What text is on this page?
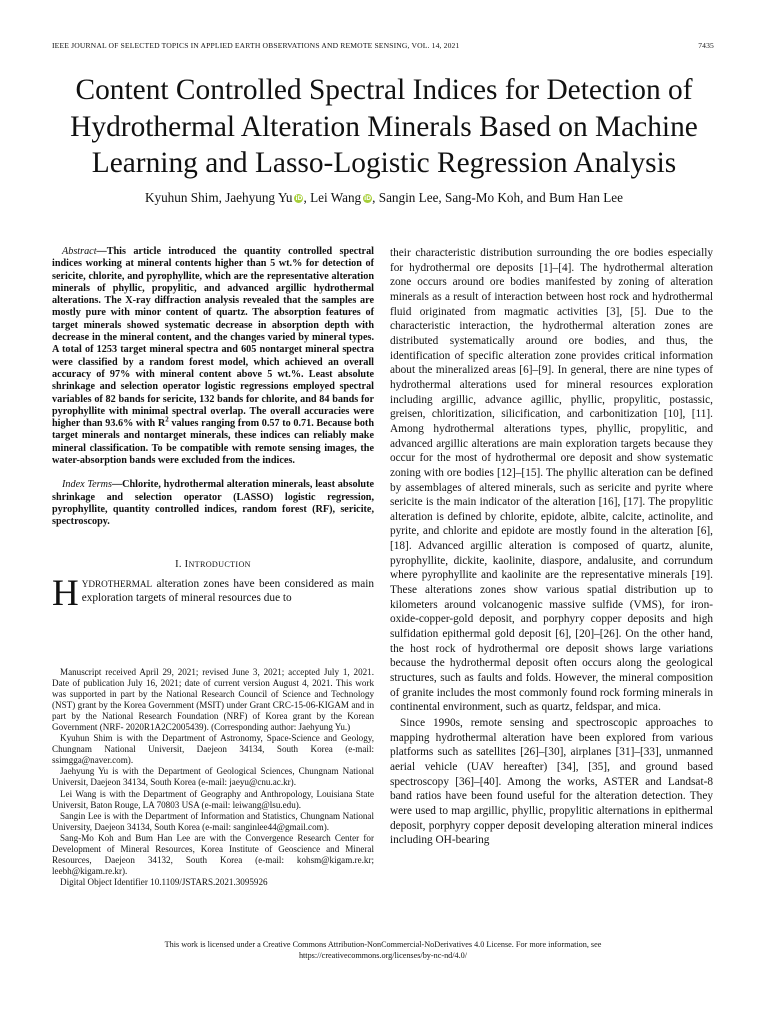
IEEE JOURNAL OF SELECTED TOPICS IN APPLIED EARTH OBSERVATIONS AND REMOTE SENSING, VOL. 14, 2021	7435
Content Controlled Spectral Indices for Detection of Hydrothermal Alteration Minerals Based on Machine Learning and Lasso-Logistic Regression Analysis
Kyuhun Shim, Jaehyung Yu iD, Lei Wang iD, Sangin Lee, Sang-Mo Koh, and Bum Han Lee

Abstract—This article introduced the quantity controlled spectral indices working at mineral contents higher than 5 wt.% for detection of sericite, chlorite, and pyrophyllite, which are the representative alteration minerals of phyllic, propylitic, and advanced argillic hydrothermal alterations. The X-ray diffraction analysis revealed that the samples are mostly pure with minor content of quartz. The absorption features of target minerals showed systematic decrease in absorption depth with decrease in the mineral content, and the changes varied by mineral types. A total of 1253 target mineral spectra and 605 nontarget mineral spectra were classified by a random forest model, which achieved an overall accuracy of 97% with mineral content above 5 wt.%. Least absolute shrinkage and selection operator logistic regressions employed spectral variables of 82 bands for sericite, 132 bands for chlorite, and 84 bands for pyrophyllite with minimal spectral overlap. The overall accuracies were higher than 93.6% with $R^2$ values ranging from 0.57 to 0.71. Because both target minerals and nontarget minerals, these indices can reliably make mineral classification. To be compatible with remote sensing images, the water-absorption bands were excluded from the indices.

Index Terms—Chlorite, hydrothermal alteration minerals, least absolute shrinkage and selection operator (LASSO) logistic regression, pyrophyllite, quantity controlled indices, random forest (RF), sericite, spectroscopy.

I. INTRODUCTION

HYDROTHERMAL alteration zones have been considered as main exploration targets of mineral resources due to

Manuscript received April 29, 2021; revised June 3, 2021; accepted July 1, 2021. Date of publication July 16, 2021; date of current version August 4, 2021. This work was supported in part by the National Research Council of Science and Technology (NST) grant by the Korea Government (MSIT) under Grant CRC-15-06-KIGAM and in part by the National Research Foundation (NRF) of Korea grant by the Korean Government (NRF- 2020R1A2C2005439). (Corresponding author: Jaehyung Yu.)

Kyuhun Shim is with the Department of Astronomy, Space-Science and Geology, Chungnam National Universit, Daejeon 34134, South Korea (e-mail: ssimgga@naver.com).

Jaehyung Yu is with the Department of Geological Sciences, Chungnam National Universit, Daejeon 34134, South Korea (e-mail: jaeyu@cnu.ac.kr).

Lei Wang is with the Department of Geography and Anthropology, Louisiana State Universit, Baton Rouge, LA 70803 USA (e-mail: leiwang@lsu.edu).

Sangin Lee is with the Department of Information and Statistics, Chungnam National University, Daejeon 34134, South Korea (e-mail: sanginlee44@gmail.com).

Sang-Mo Koh and Bum Han Lee are with the Convergence Research Center for Development of Mineral Resources, Korea Institute of Geoscience and Mineral Resources, Daejeon 34132, South Korea (e-mail: kohsm@kigam.re.kr; leebh@kigam.re.kr).

Digital Object Identifier 10.1109/JSTARS.2021.3095926

their characteristic distribution surrounding the ore bodies especially for hydrothermal ore deposits [1]–[4]. The hydrothermal alteration zone occurs around ore bodies manifested by zoning of alteration minerals as a result of interaction between host rock and hydrothermal fluid originated from magmatic activities [3], [5]. Due to the characteristic interaction, the hydrothermal alteration zones are distributed systematically around ore bodies, and thus, the identification of specific alteration zone provides critical information about the mineralized areas [6]–[9]. In general, there are nine types of hydrothermal alterations used for mineral resources exploration including argillic, advance agillic, phyllic, propylitic, postassic, greisen, chloritization, silicification, and carbonitization [10], [11]. Among hydrothermal alterations types, phyllic, propylitic, and advanced argillic alterations are main exploration targets because they occur for the most of hydrothermal ore deposit and show systematic zoning with ore bodies [12]–[15]. The phyllic alteration can be defined by assemblages of altered minerals, such as sericite and pyrite where sericite is the main indicator of the alteration [16], [17]. The propylitic alteration is defined by chlorite, epidote, albite, calcite, actinolite, and pyrite, and chlorite and epidote are mostly found in the alteration [6], [18]. Advanced argillic alteration is composed of quartz, alunite, pyrophyllite, dickite, kaolinite, diaspore, andalusite, and corrundum where pyrophyllite and kaolinite are the representative minerals [19]. These alterations zones show various spatial distribution up to kilometers around volcanogenic massive sulfide (VMS), for iron-oxide-copper-gold deposit, and porphyry copper deposits and high sulfidation epithermal gold deposit [6], [20]–[26]. On the other hand, the host rock of hydrothermal ore deposit shows large variations because the hydrothermal deposit often occurs along the geological structures, such as faults and folds. However, the mineral composition of granite includes the most commonly found rock forming minerals in continental environment, such as quartz, feldspar, and mica.

Since 1990s, remote sensing and spectroscopic approaches to mapping hydrothermal alteration have been explored from various platforms such as satellites [26]–[30], airplanes [31]–[33], unmanned aerial vehicle (UAV hereafter) [34], [35], and ground based spectroscopy [36]–[40]. Among the works, ASTER and Landsat-8 band ratios have been found useful for the alteration detection. They were used to map argillic, phyllic, propylitic alternations in epithermal deposit, porphyry copper deposit developing alteration mineral indices including OH-bearing

This work is licensed under a Creative Commons Attribution-NonCommercial-NoDerivatives 4.0 License. For more information, see
https://creativecommons.org/licenses/by-nc-nd/4.0/
